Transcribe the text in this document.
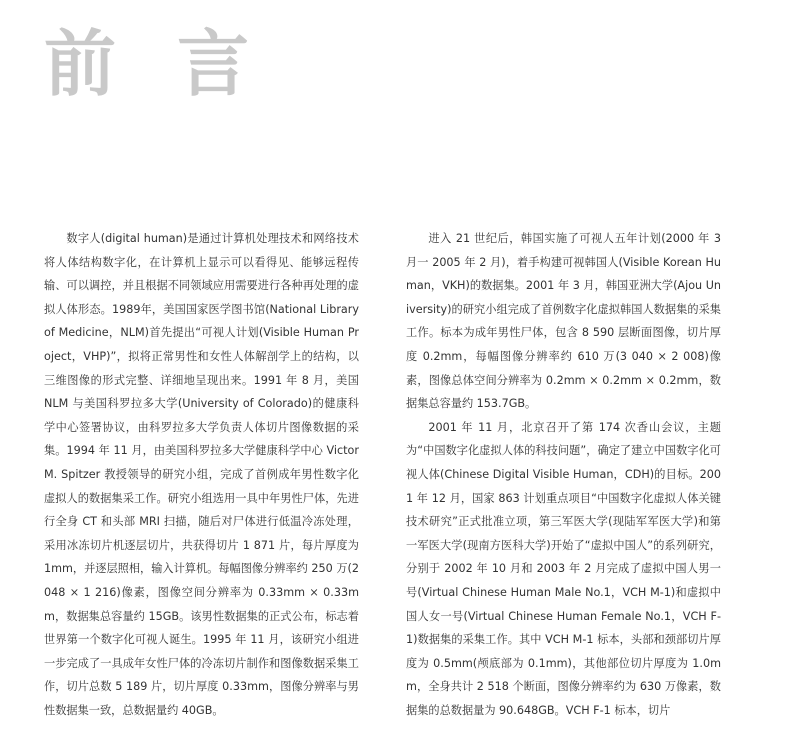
前 言

数字人(digital human)是通过计算机处理技术和网络技术将人体结构数字化，在计算机上显示可以看得见、能够远程传输、可以调控，并且根据不同领域应用需要进行各种再处理的虚拟人体形态。1989年，美国国家医学图书馆(National Library of Medicine，NLM)首先提出“可视人计划(Visible Human Project，VHP)”，拟将正常男性和女性人体解剖学上的结构，以三维图像的形式完整、详细地呈现出来。1991 年 8 月，美国 NLM 与美国科罗拉多大学(University of Colorado)的健康科学中心签署协议，由科罗拉多大学负责人体切片图像数据的采集。1994 年 11 月，由美国科罗拉多大学健康科学中心 Victor M. Spitzer 教授领导的研究小组，完成了首例成年男性数字化虚拟人的数据集采工作。研究小组选用一具中年男性尸体，先进行全身 CT 和头部 MRI 扫描，随后对尸体进行低温冷冻处理，采用冰冻切片机逐层切片，共获得切片 1 871 片，每片厚度为 1mm，并逐层照相，输入计算机。每幅图像分辨率约 250 万(2 048 × 1 216)像素，图像空间分辨率为 0.33mm × 0.33mm，数据集总容量约 15GB。该男性数据集的正式公布，标志着世界第一个数字化可视人诞生。1995 年 11 月，该研究小组进一步完成了一具成年女性尸体的冷冻切片制作和图像数据采集工作，切片总数 5 189 片，切片厚度 0.33mm，图像分辨率与男性数据集一致，总数据量约 40GB。

进入 21 世纪后，韩国实施了可视人五年计划(2000 年 3 月一 2005 年 2 月)，着手构建可视韩国人(Visible Korean Human，VKH)的数据集。2001 年 3 月，韩国亚洲大学(Ajou University)的研究小组完成了首例数字化虚拟韩国人数据集的采集工作。标本为成年男性尸体，包含 8 590 层断面图像，切片厚度 0.2mm，每幅图像分辨率约 610 万(3 040 × 2 008)像素，图像总体空间分辨率为 0.2mm × 0.2mm × 0.2mm，数据集总容量约 153.7GB。

2001 年 11 月，北京召开了第 174 次香山会议，主题为“中国数字化虚拟人体的科技问题”，确定了建立中国数字化可视人体(Chinese Digital Visible Human，CDH)的目标。2001 年 12 月，国家 863 计划重点项目“中国数字化虚拟人体关键技术研究”正式批准立项，第三军医大学(现陆军军医大学)和第一军医大学(现南方医科大学)开始了“虚拟中国人”的系列研究，分别于 2002 年 10 月和 2003 年 2 月完成了虚拟中国人男一号(Virtual Chinese Human Male No.1，VCH M-1)和虚拟中国人女一号(Virtual Chinese Human Female No.1，VCH F-1)数据集的采集工作。其中 VCH M-1 标本，头部和颈部切片厚度为 0.5mm(颅底部为 0.1mm)，其他部位切片厚度为 1.0mm，全身共计 2 518 个断面，图像分辨率约为 630 万像素，数据集的总数据量为 90.648GB。VCH F-1 标本，切片
